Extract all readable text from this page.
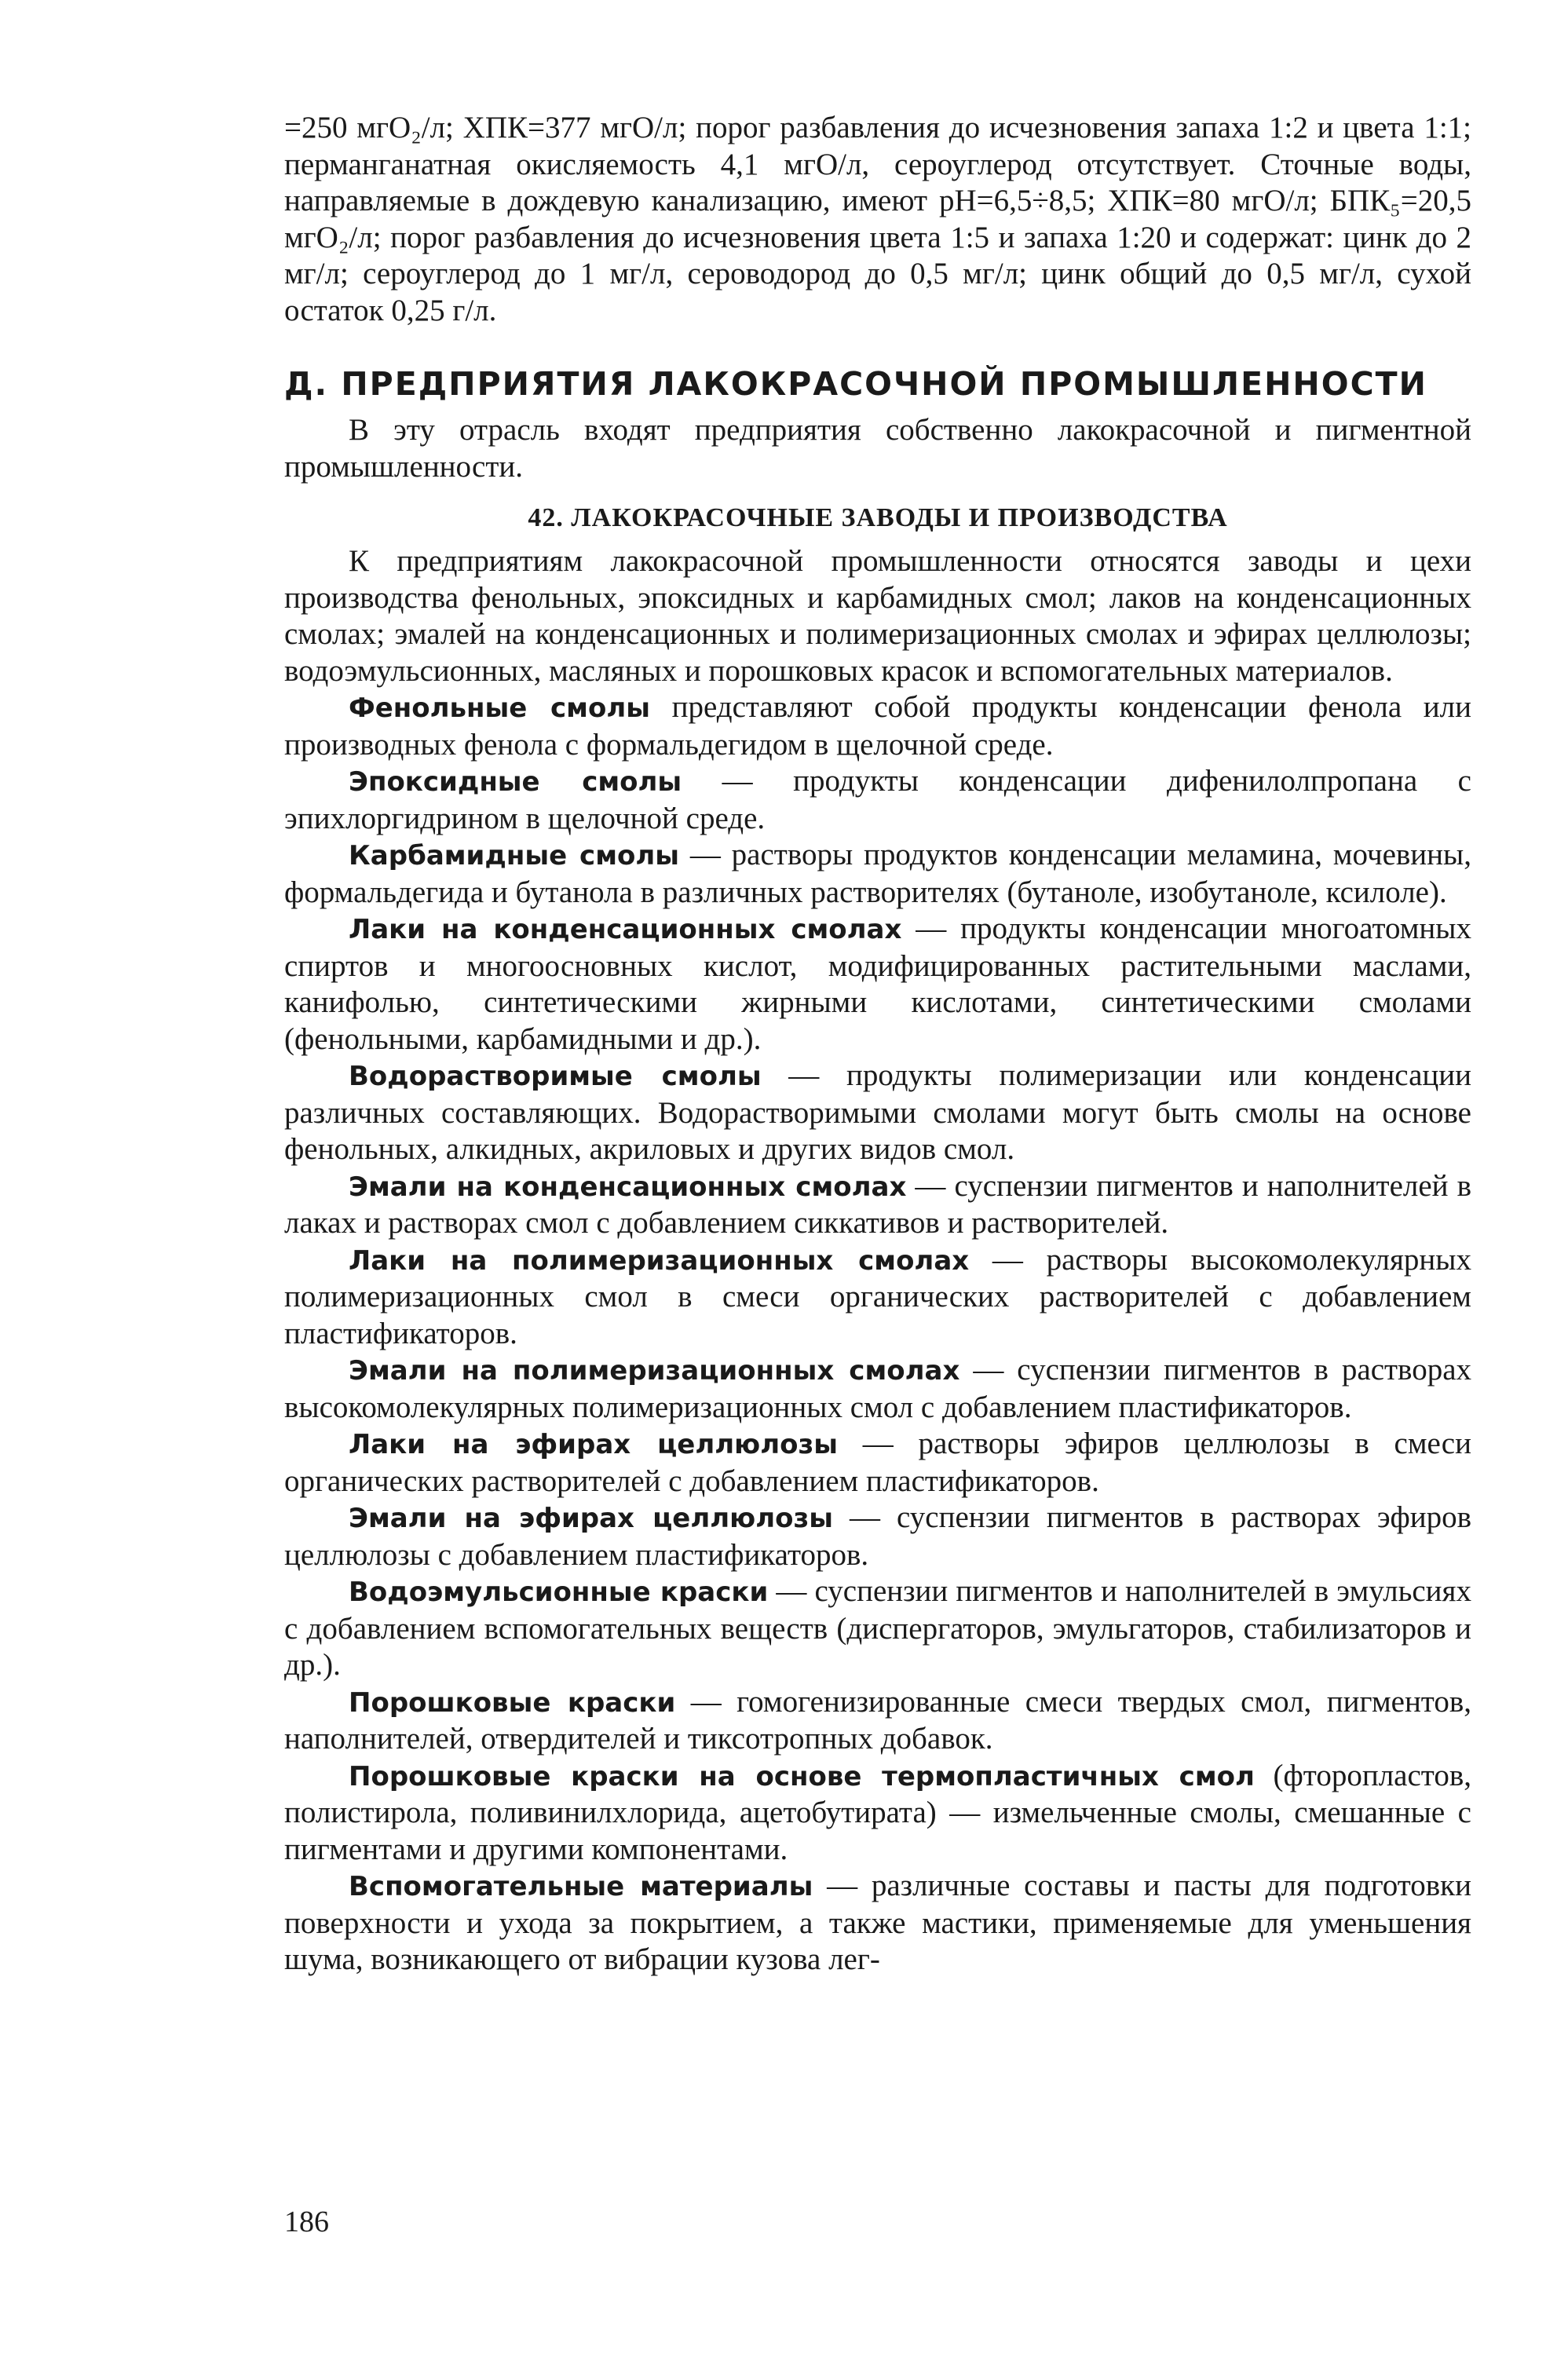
=250 мгО₂/л; ХПК=377 мгО/л; порог разбавления до исчезновения запаха 1:2 и цвета 1:1; перманганатная окисляемость 4,1 мгО/л, сероуглерод отсутствует. Сточные воды, направляемые в дождевую канализацию, имеют pH=6,5÷8,5; ХПК=80 мгО/л; БПК₅=20,5 мгО₂/л; порог разбавления до исчезновения цвета 1:5 и запаха 1:20 и содержат: цинк до 2 мг/л; сероуглерод до 1 мг/л, сероводород до 0,5 мг/л; цинк общий до 0,5 мг/л, сухой остаток 0,25 г/л.

Д. ПРЕДПРИЯТИЯ ЛАКОКРАСОЧНОЙ ПРОМЫШЛЕННОСТИ

В эту отрасль входят предприятия собственно лакокрасочной и пигментной промышленности.

42. ЛАКОКРАСОЧНЫЕ ЗАВОДЫ И ПРОИЗВОДСТВА

К предприятиям лакокрасочной промышленности относятся заводы и цехи производства фенольных, эпоксидных и карбамидных смол; лаков на конденсационных смолах; эмалей на конденсационных и полимеризационных смолах и эфирах целлюлозы; водоэмульсионных, масляных и порошковых красок и вспомогательных материалов.

Фенольные смолы представляют собой продукты конденсации фенола или производных фенола с формальдегидом в щелочной среде.

Эпоксидные смолы — продукты конденсации дифенилолпропана с эпихлоргидрином в щелочной среде.

Карбамидные смолы — растворы продуктов конденсации меламина, мочевины, формальдегида и бутанола в различных растворителях (бутаноле, изобутаноле, ксилоле).

Лаки на конденсационных смолах — продукты конденсации многоатомных спиртов и многоосновных кислот, модифицированных растительными маслами, канифолью, синтетическими жирными кислотами, синтетическими смолами (фенольными, карбамидными и др.).

Водорастворимые смолы — продукты полимеризации или конденсации различных составляющих. Водорастворимыми смолами могут быть смолы на основе фенольных, алкидных, акриловых и других видов смол.

Эмали на конденсационных смолах — суспензии пигментов и наполнителей в лаках и растворах смол с добавлением сиккативов и растворителей.

Лаки на полимеризационных смолах — растворы высокомолекулярных полимеризационных смол в смеси органических растворителей с добавлением пластификаторов.

Эмали на полимеризационных смолах — суспензии пигментов в растворах высокомолекулярных полимеризационных смол с добавлением пластификаторов.

Лаки на эфирах целлюлозы — растворы эфиров целлюлозы в смеси органических растворителей с добавлением пластификаторов.

Эмали на эфирах целлюлозы — суспензии пигментов в растворах эфиров целлюлозы с добавлением пластификаторов.

Водоэмульсионные краски — суспензии пигментов и наполнителей в эмульсиях с добавлением вспомогательных веществ (диспергаторов, эмульгаторов, стабилизаторов и др.).

Порошковые краски — гомогенизированные смеси твердых смол, пигментов, наполнителей, отвердителей и тиксотропных добавок.

Порошковые краски на основе термопластичных смол (фторопластов, полистирола, поливинилхлорида, ацетобутирата) — измельченные смолы, смешанные с пигментами и другими компонентами.

Вспомогательные материалы — различные составы и пасты для подготовки поверхности и ухода за покрытием, а также мастики, применяемые для уменьшения шума, возникающего от вибрации кузова лег-

186
